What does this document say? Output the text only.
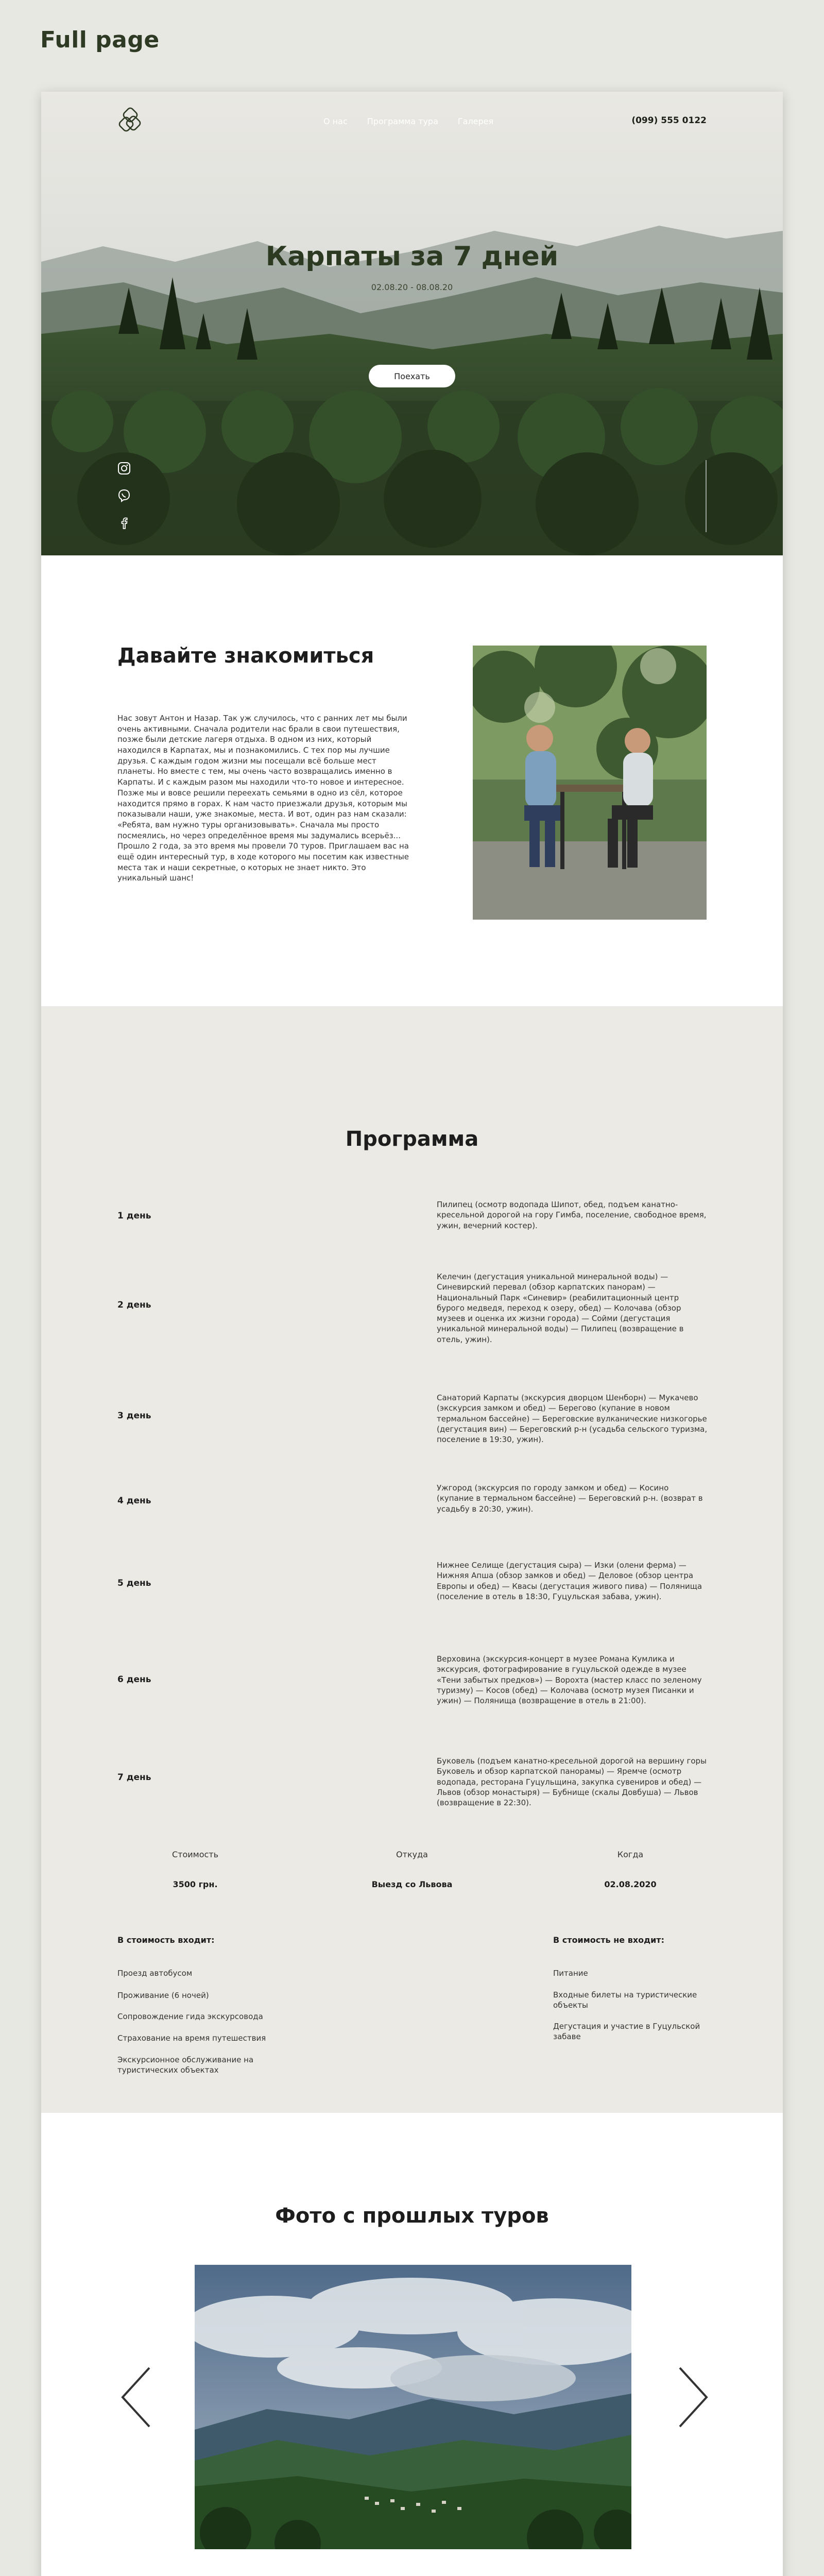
Full page
О нас Программа тура Галерея	(099) 555 0122
Карпаты за 7 дней
02.08.20 - 08.08.20
Поехать
Давайте знакомиться

Нас зовут Антон и Назар. Так уж случилось, что с ранних лет мы были очень активными. Сначала родители нас брали в свои путешествия, позже были детские лагеря отдыха. В одном из них, который находился в Карпатах, мы и познакомились. С тех пор мы лучшие друзья. С каждым годом жизни мы посещали всё больше мест планеты. Но вместе с тем, мы очень часто возвращались именно в Карпаты. И с каждым разом мы находили что-то новое и интересное. Позже мы и вовсе решили переехать семьями в одно из сёл, которое находится прямо в горах. К нам часто приезжали друзья, которым мы показывали наши, уже знакомые, места. И вот, один раз нам сказали: «Ребята, вам нужно туры организовывать». Сначала мы просто посмеялись, но через определённое время мы задумались всерьёз... Прошло 2 года, за это время мы провели 70 туров. Приглашаем вас на ещё один интересный тур, в ходе которого мы посетим как известные места так и наши секретные, о которых не знает никто. Это уникальный шанс!

Программа
1 день

Пилипец (осмотр водопада Шипот, обед, подъем канатно-кресельной дорогой на гору Гимба, поселение, свободное время, ужин, вечерний костер).

2 день

Келечин (дегустация уникальной минеральной воды) — Синевирский перевал (обзор карпатских панорам) — Национальный Парк «Синевир» (реабилитационный центр бурого медведя, переход к озеру, обед) — Колочава (обзор музеев и оценка их жизни города) — Сойми (дегустация уникальной минеральной воды) — Пилипец (возвращение в отель, ужин).

3 день

Санаторий Карпаты (экскурсия дворцом Шенборн) — Мукачево (экскурсия замком и обед) — Берегово (купание в новом термальном бассейне) — Береговские вулканические низкогорье (дегустация вин) — Береговский р-н (усадьба сельского туризма, поселение в 19:30, ужин).

4 день

Ужгород (экскурсия по городу замком и обед) — Косино (купание в термальном бассейне) — Береговский р-н. (возврат в усадьбу в 20:30, ужин).

5 день

Нижнее Селище (дегустация сыра) — Изки (олени ферма) — Нижняя Апша (обзор замков и обед) — Деловое (обзор центра Европы и обед) — Квасы (дегустация живого пива) — Полянища (поселение в отель в 18:30, Гуцульская забава, ужин).

6 день

Верховина (экскурсия-концерт в музее Романа Кумлика и экскурсия, фотографирование в гуцульской одежде в музее «Тени забытых предков») — Ворохта (мастер класс по зеленому туризму) — Косов (обед) — Колочава (осмотр музея Писанки и ужин) — Полянища (возвращение в отель в 21:00).

7 день

Буковель (подъем канатно-кресельной дорогой на вершину горы Буковель и обзор карпатской панорамы) — Яремче (осмотр водопада, ресторана Гуцульщина, закупка сувениров и обед) — Львов (обзор монастыря) — Бубнище (скалы Довбуша) — Львов (возвращение в 22:30).

Стоимость
3500 грн.
Откуда
Выезд со Львова
Когда
02.08.2020
В стоимость входит:
Проезд автобусом
Проживание (6 ночей)
Сопровождение гида экскурсовода
Страхование на время путешествия
Экскурсионное обслуживание на туристических объектах
В стоимость не входит:
Питание
Входные билеты на туристические объекты
Дегустация и участие в Гуцульской забаве
Фото с прошлых туров
